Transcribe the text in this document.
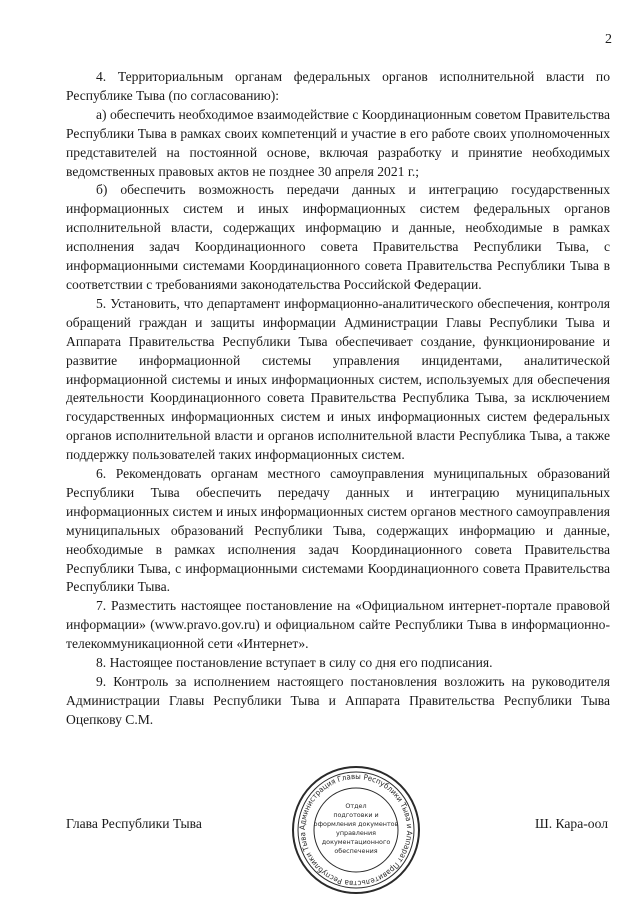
2

4. Территориальным органам федеральных органов исполнительной власти по Республике Тыва (по согласованию):

а) обеспечить необходимое взаимодействие с Координационным советом Правительства Республики Тыва в рамках своих компетенций и участие в его работе своих уполномоченных представителей на постоянной основе, включая разработку и принятие необходимых ведомственных правовых актов не позднее 30 апреля 2021 г.;

б) обеспечить возможность передачи данных и интеграцию государственных информационных систем и иных информационных систем федеральных органов исполнительной власти, содержащих информацию и данные, необходимые в рамках исполнения задач Координационного совета Правительства Республики Тыва, с информационными системами Координационного совета Правительства Республики Тыва в соответствии с требованиями законодательства Российской Федерации.

5. Установить, что департамент информационно-аналитического обеспечения, контроля обращений граждан и защиты информации Администрации Главы Республики Тыва и Аппарата Правительства Республики Тыва обеспечивает создание, функционирование и развитие информационной системы управления инцидентами, аналитической информационной системы и иных информационных систем, используемых для обеспечения деятельности Координационного совета Правительства Республика Тыва, за исключением государственных информационных систем и иных информационных систем федеральных органов исполнительной власти и органов исполнительной власти Республика Тыва, а также поддержку пользователей таких информационных систем.

6. Рекомендовать органам местного самоуправления муниципальных образований Республики Тыва обеспечить передачу данных и интеграцию муниципальных информационных систем и иных информационных систем органов местного самоуправления муниципальных образований Республики Тыва, содержащих информацию и данные, необходимые в рамках исполнения задач Координационного совета Правительства Республики Тыва, с информационными системами Координационного совета Правительства Республики Тыва.

7. Разместить настоящее постановление на «Официальном интернет-портале правовой информации» (www.pravo.gov.ru) и официальном сайте Республики Тыва в информационно-телекоммуникационной сети «Интернет».

8. Настоящее постановление вступает в силу со дня его подписания.

9. Контроль за исполнением настоящего постановления возложить на руководителя Администрации Главы Республики Тыва и Аппарата Правительства Республики Тыва Оцепкову С.М.

Глава Республики Тыва	Администрация Главы Республики Тыва и Аппарат Правительства Республики Тыва
Отдел
подготовки и
оформления документов
управления
документационного
обеспечения
Ш. Кара-оол
